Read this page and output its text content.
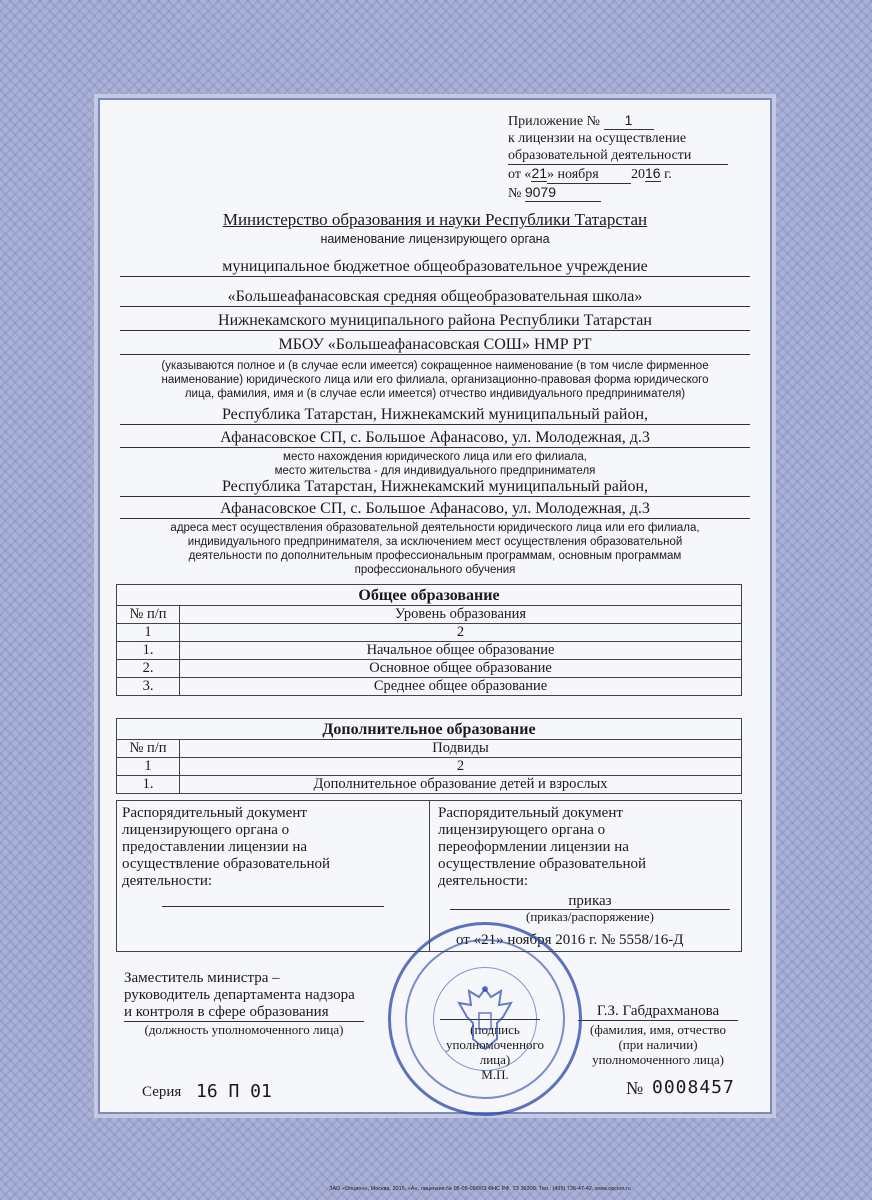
Приложение № 1
к лицензии на осуществление
образовательной деятельности
от «21» ноября 2016 г.
№ 9079
Министерство образования и науки Республики Татарстан
наименование лицензирующего органа
муниципальное бюджетное общеобразовательное учреждение
«Большеафанасовская средняя общеобразовательная школа»
Нижнекамского муниципального района Республики Татарстан
МБОУ «Большеафанасовская СОШ» НМР РТ
(указываются полное и (в случае если имеется) сокращенное наименование (в том числе фирменное
наименование) юридического лица или его филиала, организационно-правовая форма юридического
лица, фамилия, имя и (в случае если имеется) отчество индивидуального предпринимателя)
Республика Татарстан, Нижнекамский муниципальный район,
Афанасовское СП, с. Большое Афанасово, ул. Молодежная, д.3
место нахождения юридического лица или его филиала,
место жительства - для индивидуального предпринимателя
Республика Татарстан, Нижнекамский муниципальный район,
Афанасовское СП, с. Большое Афанасово, ул. Молодежная, д.3
адреса мест осуществления образовательной деятельности юридического лица или его филиала,
индивидуального предпринимателя, за исключением мест осуществления образовательной
деятельности по дополнительным профессиональным программам, основным программам
профессионального обучения
Общее образование	
№ п/п	Уровень образования
1	2
1.	Начальное общее образование
2.	Основное общее образование
3.	Среднее общее образование
Дополнительное образование	
№ п/п	Подвиды
1	2
1.	Дополнительное образование детей и взрослых
Распорядительный документ
лицензирующего органа о
предоставлении лицензии на
осуществление образовательной
деятельности:
Распорядительный документ
лицензирующего органа о
переоформлении лицензии на
осуществление образовательной
деятельности:
приказ
(приказ/распоряжение)
от «21» ноября 2016 г. № 5558/16-Д
Заместитель министра –
руководитель департамента надзора
и контроля в сфере образования
(должность уполномоченного лица)	(подпись
уполномоченного лица)
М.П.
Г.З. Габдрахманова
(фамилия, имя, отчество
(при наличии)
уполномоченного лица)
Серия 16 П 01	№ 0008457
ЗАО «Опцион», Москва, 2015, «А», лицензия № 05-05-09/003 ФНС РФ, ТЗ 36309. Тел.: (495) 726-47-42, www.opcion.ru
